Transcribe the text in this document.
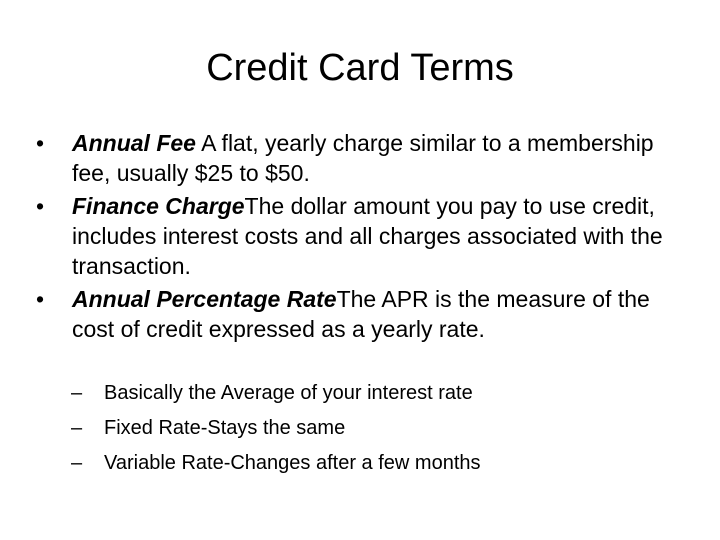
Credit Card Terms

•	Annual Fee A flat, yearly charge similar to a membership fee, usually $25 to $50.

•	Finance ChargeThe dollar amount you pay to use credit, includes interest costs and all charges associated with the transaction.

•	Annual Percentage RateThe APR is the measure of the cost of credit expressed as a yearly rate.

– Basically the Average of your interest rate

– Fixed Rate-Stays the same

– Variable Rate-Changes after a few months
